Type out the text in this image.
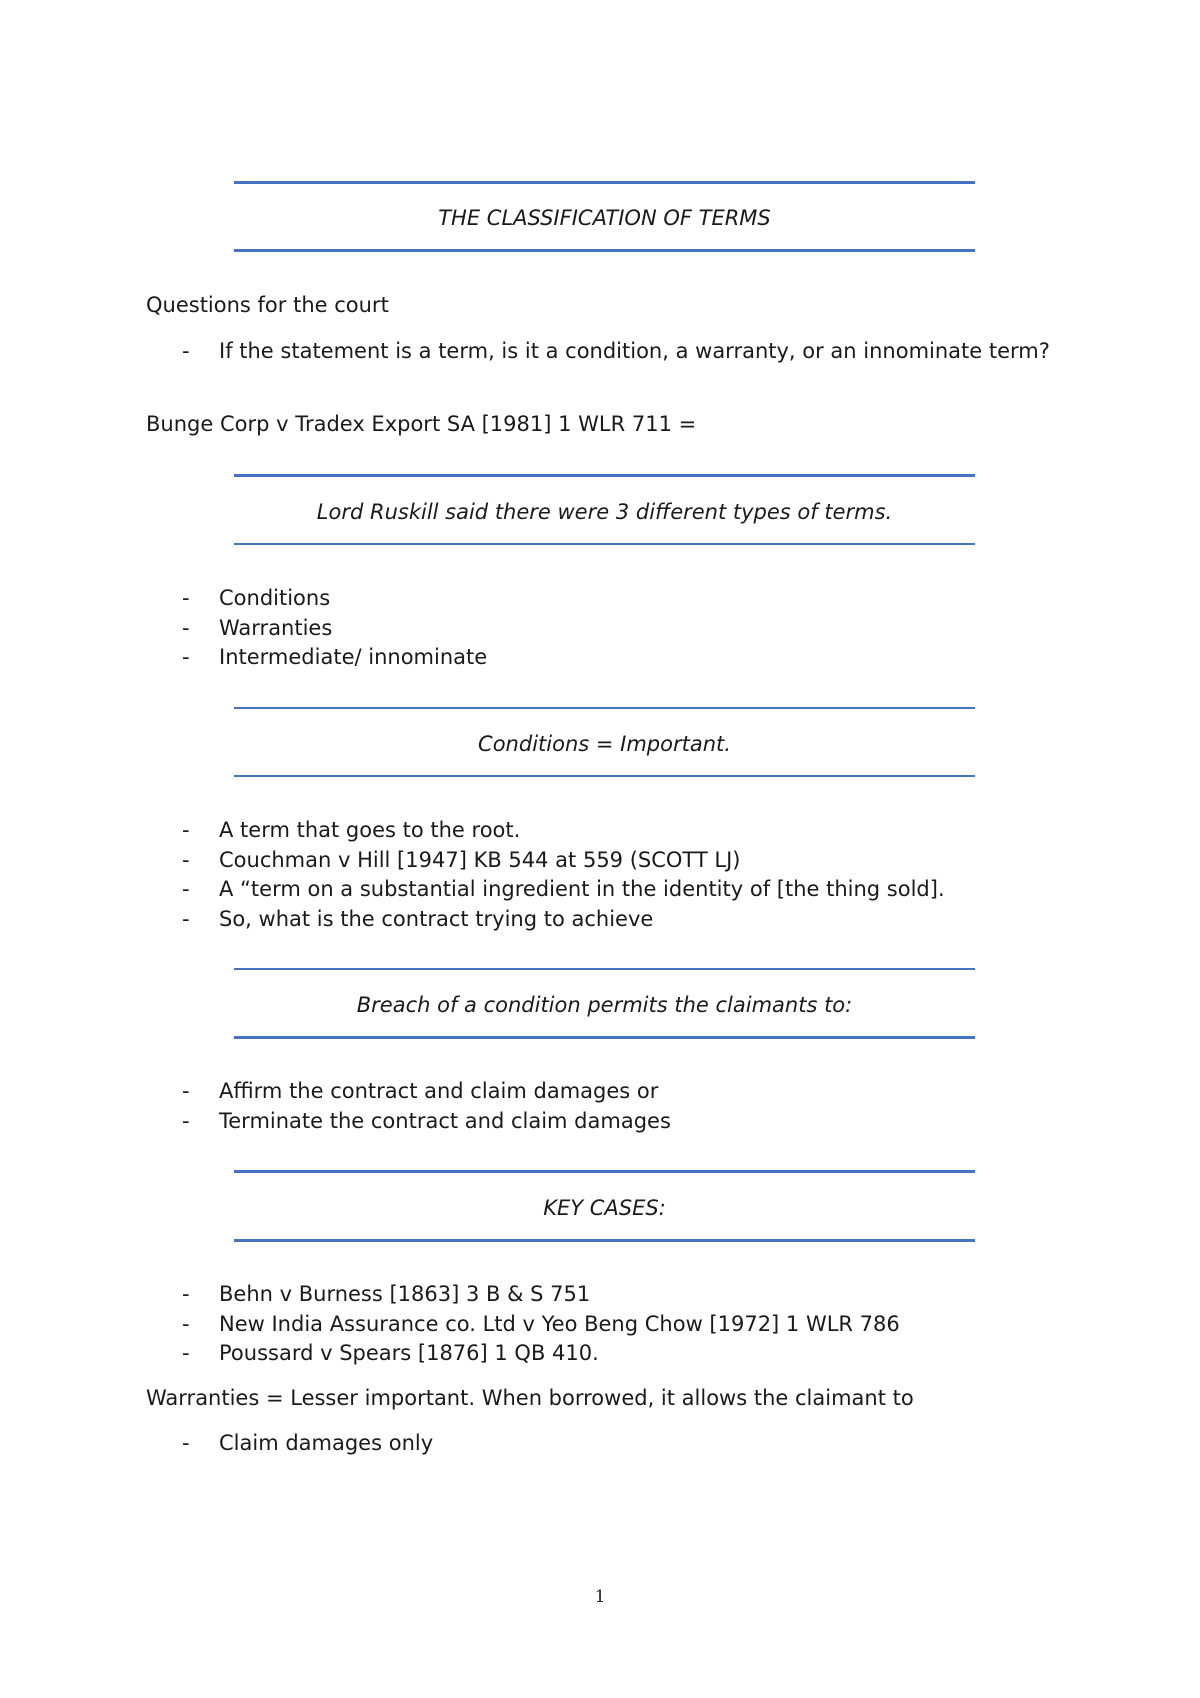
THE CLASSIFICATION OF TERMS
Questions for the court
- If the statement is a term, is it a condition, a warranty, or an innominate term?
Bunge Corp v Tradex Export SA [1981] 1 WLR 711 =
Lord Ruskill said there were 3 different types of terms.
- Conditions
- Warranties
- Intermediate/ innominate
Conditions = Important.
- A term that goes to the root.
- Couchman v Hill [1947] KB 544 at 559 (SCOTT LJ)
- A “term on a substantial ingredient in the identity of [the thing sold].
- So, what is the contract trying to achieve
Breach of a condition permits the claimants to:
- Affirm the contract and claim damages or
- Terminate the contract and claim damages
KEY CASES:
- Behn v Burness [1863] 3 B & S 751
- New India Assurance co. Ltd v Yeo Beng Chow [1972] 1 WLR 786
- Poussard v Spears [1876] 1 QB 410.
Warranties = Lesser important. When borrowed, it allows the claimant to
- Claim damages only
1
